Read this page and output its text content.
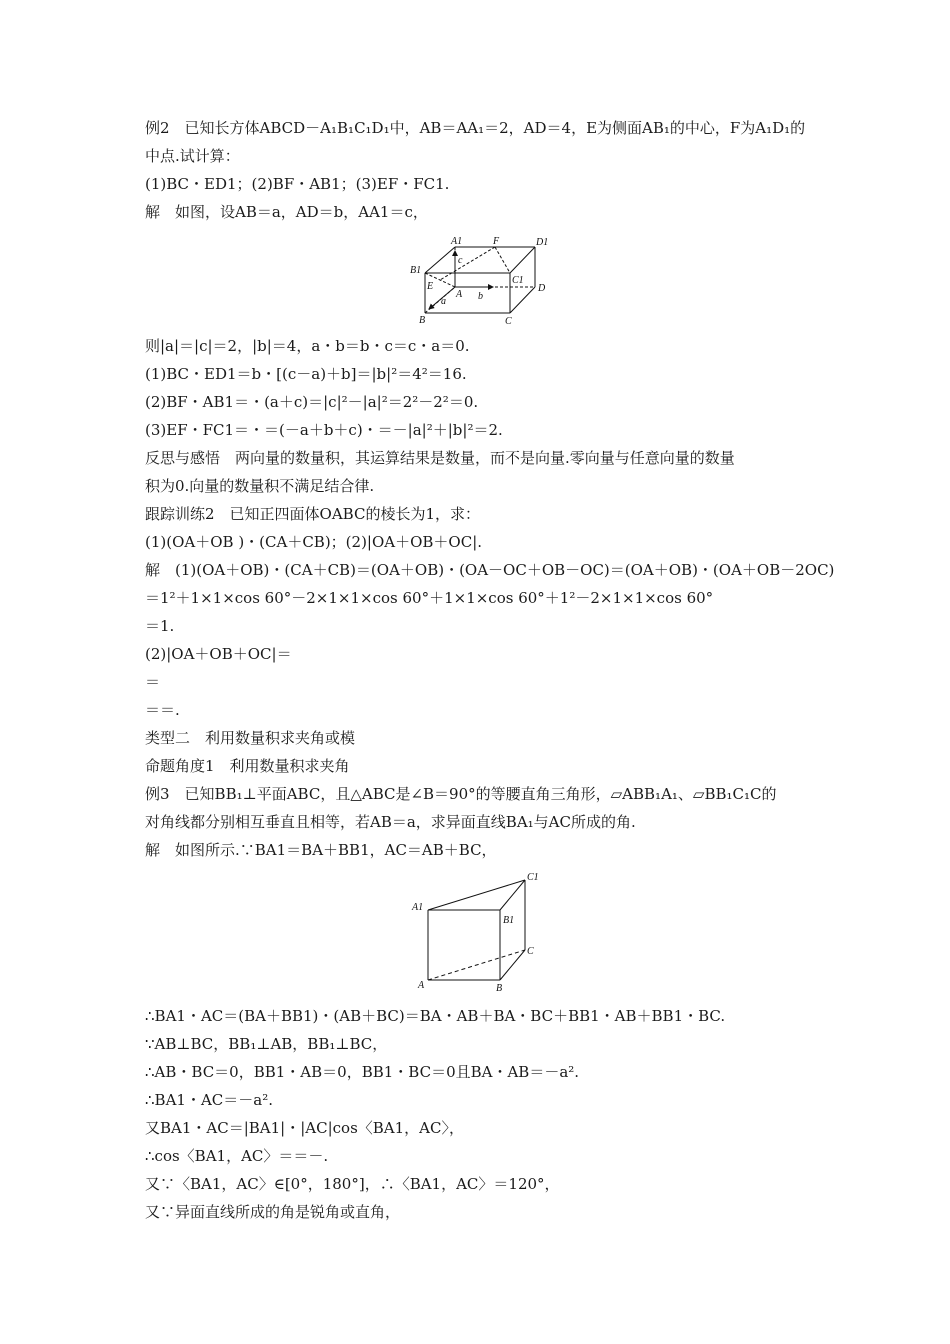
例2　已知长方体ABCD－A₁B₁C₁D₁中，AB＝AA₁＝2，AD＝4，E为侧面AB₁的中心，F为A₁D₁的
中点.试计算：
(1)BC・ED1；(2)BF・AB1；(3)EF・FC1.
解　如图，设AB＝a，AD＝b，AA1＝c，
则|a|＝|c|＝2，|b|＝4，a・b＝b・c＝c・a＝0.
(1)BC・ED1＝b・[(c－a)＋b]＝|b|²＝4²＝16.
(2)BF・AB1＝・(a＋c)＝|c|²－|a|²＝2²－2²＝0.
(3)EF・FC1＝・＝(－a＋b＋c)・＝－|a|²＋|b|²＝2.
反思与感悟　两向量的数量积，其运算结果是数量，而不是向量.零向量与任意向量的数量
积为0.向量的数量积不满足结合律.
跟踪训练2　已知正四面体OABC的棱长为1，求：
(1)(OA＋OB )・(CA＋CB)；(2)|OA＋OB＋OC|.
解　(1)(OA＋OB)・(CA＋CB)＝(OA＋OB)・(OA－OC＋OB－OC)＝(OA＋OB)・(OA＋OB－2OC)
＝1²＋1×1×cos 60°－2×1×1×cos 60°＋1×1×cos 60°＋1²－2×1×1×cos 60°
＝1.
(2)|OA＋OB＋OC|＝
＝
＝＝.
类型二　利用数量积求夹角或模
命题角度1　利用数量积求夹角
例3　已知BB₁⊥平面ABC，且△ABC是∠B＝90°的等腰直角三角形，▱ABB₁A₁、▱BB₁C₁C的
对角线都分别相互垂直且相等，若AB＝a，求异面直线BA₁与AC所成的角.
解　如图所示.∵BA1＝BA＋BB1，AC＝AB＋BC，
∴BA1・AC＝(BA＋BB1)・(AB＋BC)＝BA・AB＋BA・BC＋BB1・AB＋BB1・BC.
∵AB⊥BC，BB₁⊥AB，BB₁⊥BC，
∴AB・BC＝0，BB1・AB＝0，BB1・BC＝0且BA・AB＝－a².
∴BA1・AC＝－a².
又BA1・AC＝|BA1|・|AC|cos〈BA1，AC〉，
∴cos〈BA1，AC〉＝＝－.
又∵〈BA1，AC〉∈[0°，180°]，∴〈BA1，AC〉＝120°，
又∵异面直线所成的角是锐角或直角，
A1	F	D1
B1
c
C1
E
A b
D
a
B	C
C1
A1
B1
C
A	B
